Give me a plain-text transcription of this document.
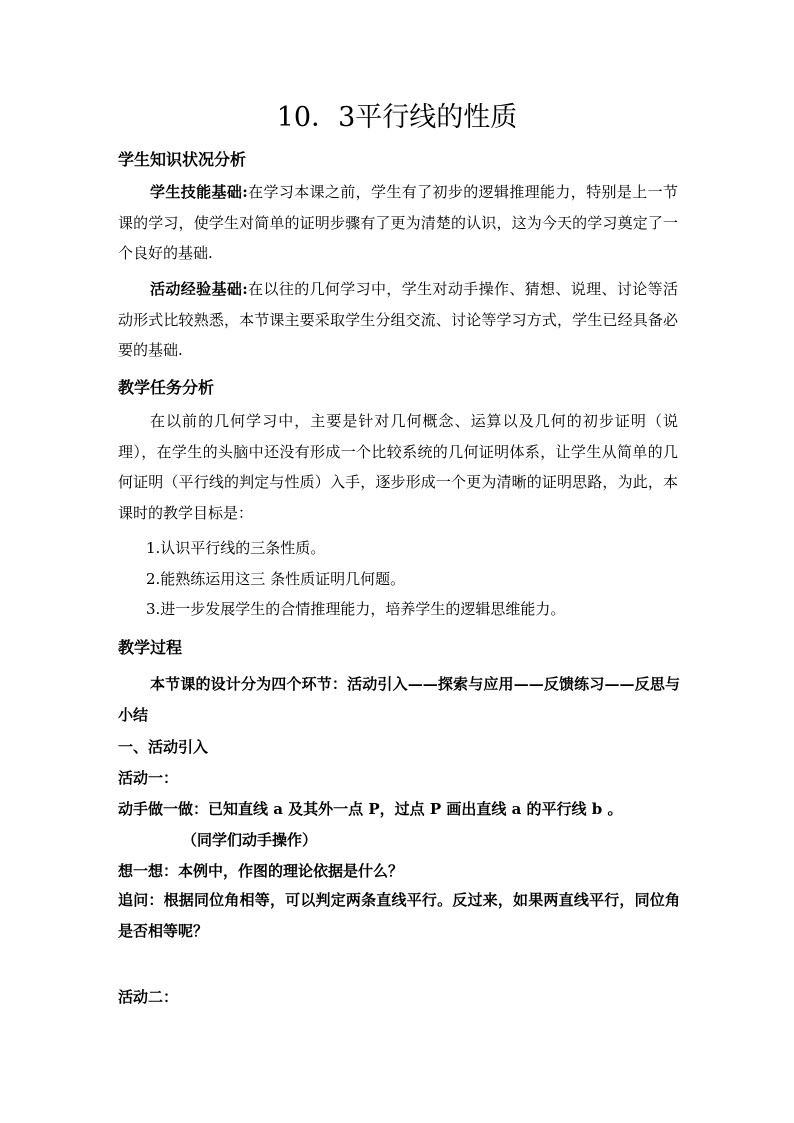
10．3平行线的性质
学生知识状况分析
学生技能基础:在学习本课之前，学生有了初步的逻辑推理能力，特别是上一节课的学习，使学生对简单的证明步骤有了更为清楚的认识，这为今天的学习奠定了一个良好的基础.
活动经验基础:在以往的几何学习中，学生对动手操作、猜想、说理、讨论等活动形式比较熟悉，本节课主要采取学生分组交流、讨论等学习方式，学生已经具备必要的基础.
教学任务分析
在以前的几何学习中，主要是针对几何概念、运算以及几何的初步证明（说理），在学生的头脑中还没有形成一个比较系统的几何证明体系，让学生从简单的几何证明（平行线的判定与性质）入手，逐步形成一个更为清晰的证明思路，为此，本课时的教学目标是：
1.认识平行线的三条性质。
2.能熟练运用这三 条性质证明几何题。
3.进一步发展学生的合情推理能力，培养学生的逻辑思维能力。
教学过程
本节课的设计分为四个环节：活动引入——探索与应用——反馈练习——反思与小结
一、活动引入
活动一：
动手做一做：已知直线 a 及其外一点 P，过点 P 画出直线 a 的平行线 b 。
（同学们动手操作）
想一想：本例中，作图的理论依据是什么？
追问：根据同位角相等，可以判定两条直线平行。反过来，如果两直线平行，同位角是否相等呢？
活动二：
